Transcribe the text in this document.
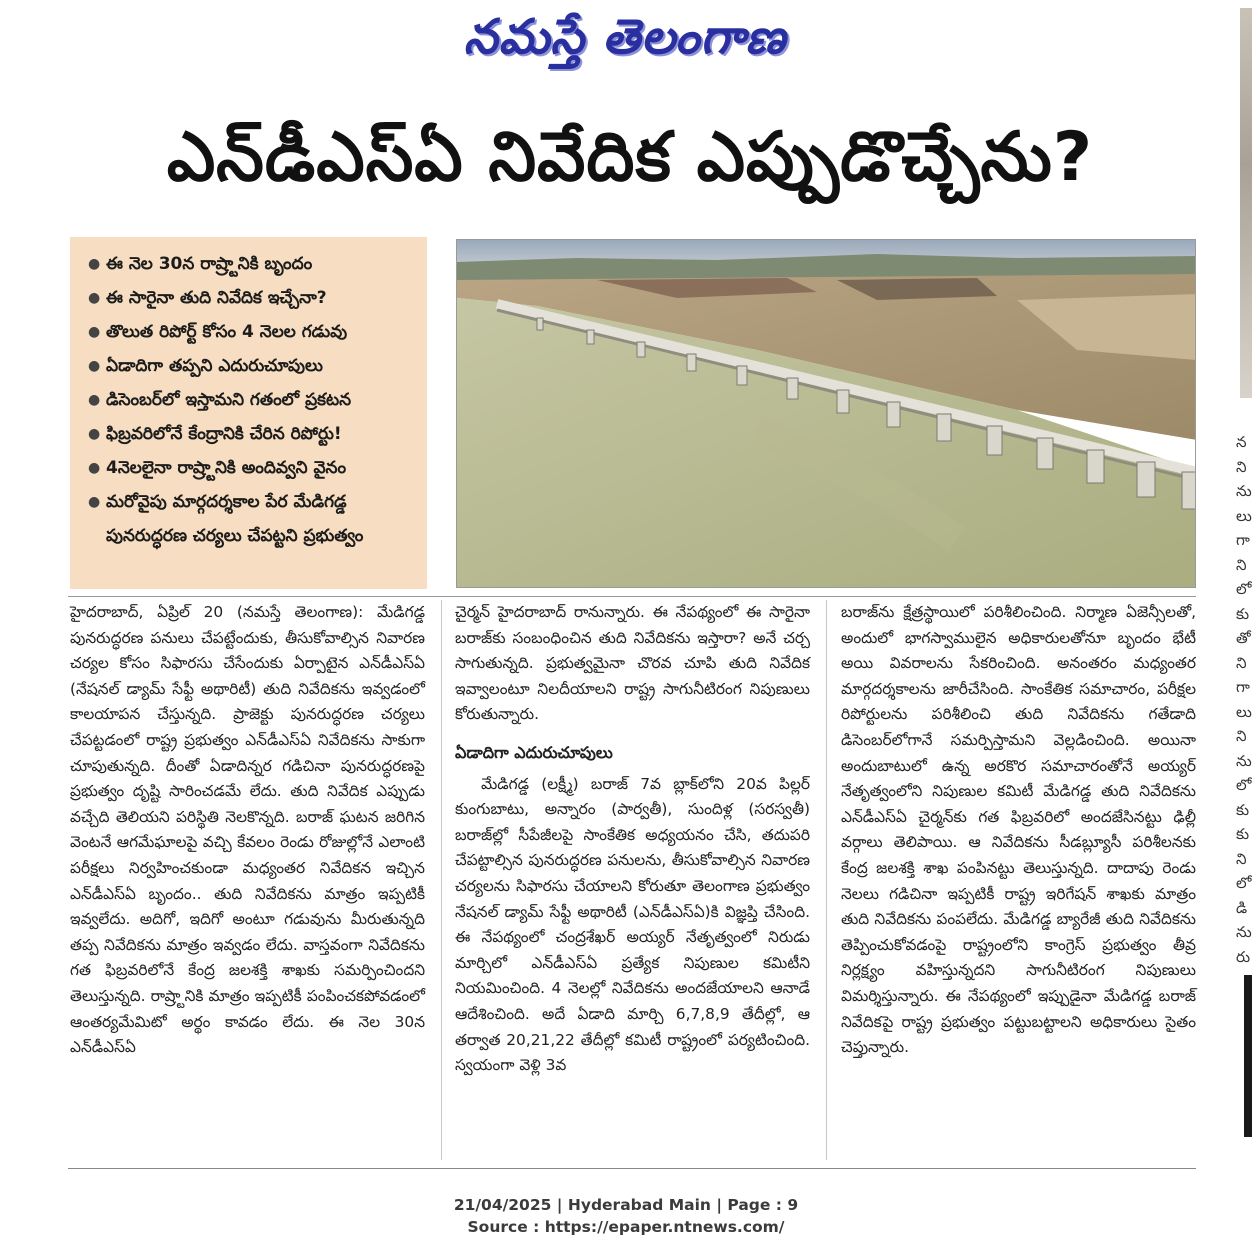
నమస్తే తెలంగాణ
ఎన్‌డీఎస్‌ఏ నివేదిక ఎప్పుడొచ్చేను?
● ఈ నెల 30న రాష్ర్టానికి బృందం
● ఈ సారైనా తుది నివేదిక ఇచ్చేనా?
● తొలుత రిపోర్ట్‌ కోసం 4 నెలల గడువు
● ఏడాదిగా తప్పని ఎదురుచూపులు
● డిసెంబర్‌లో ఇస్తామని గతంలో ప్రకటన
● ఫిబ్రవరిలోనే కేంద్రానికి చేరిన రిపోర్టు!
● 4నెలలైనా రాష్ర్టానికి అందివ్వని వైనం
● మరోవైపు మార్గదర్శకాల పేర మేడిగడ్డ పునరుద్ధరణ చర్యలు చేపట్టని ప్రభుత్వం

హైదరాబాద్‌, ఏప్రిల్‌ 20 (నమస్తే తెలంగాణ): మేడిగడ్డ పునరుద్ధరణ పనులు చేపట్టేందుకు, తీసుకోవాల్సిన నివారణ చర్యల కోసం సిఫారసు చేసేందుకు ఏర్పాటైన ఎన్‌డీఎస్‌ఏ (నేషనల్‌ డ్యామ్‌ సేఫ్టీ అథారిటీ) తుది నివేదికను ఇవ్వడంలో కాలయాపన చేస్తున్నది. ప్రాజెక్టు పునరుద్ధరణ చర్యలు చేపట్టడంలో రాష్ట్ర ప్రభుత్వం ఎన్‌డీఎస్‌ఏ నివేదికను సాకుగా చూపుతున్నది. దీంతో ఏడాదిన్నర గడిచినా పునరుద్ధరణపై ప్రభుత్వం దృష్టి సారించడమే లేదు. తుది నివేదిక ఎప్పుడు వచ్చేది తెలియని పరిస్థితి నెలకొన్నది. బరాజ్‌ ఘటన జరిగిన వెంటనే ఆగమేఘాలపై వచ్చి కేవలం రెండు రోజుల్లోనే ఎలాంటి పరీక్షలు నిర్వహించకుండా మధ్యంతర నివేదికన ఇచ్చిన ఎన్‌డీఎస్‌ఏ బృందం.. తుది నివేదికను మాత్రం ఇప్పటికీ ఇవ్వలేదు. అదిగో, ఇదిగో అంటూ గడువును మీరుతున్నది తప్ప నివేదికను మాత్రం ఇవ్వడం లేదు. వాస్తవంగా నివేదికను గత ఫిబ్రవరిలోనే కేంద్ర జలశక్తి శాఖకు సమర్పించిందని తెలుస్తున్నది. రాష్ర్టానికి మాత్రం ఇప్పటికీ పంపించకపోవడంలో ఆంతర్యమేమిటో అర్థం కావడం లేదు. ఈ నెల 30న ఎన్‌డీఎస్‌ఏ

చైర్మన్‌ హైదరాబాద్‌ రానున్నారు. ఈ నేపథ్యంలో ఈ సారైనా బరాజ్‌కు సంబంధించిన తుది నివేదికను ఇస్తారా? అనే చర్చ సాగుతున్నది. ప్రభుత్వమైనా చొరవ చూపి తుది నివేదిక ఇవ్వాలంటూ నిలదీయాలని రాష్ట్ర సాగునీటిరంగ నిపుణులు కోరుతున్నారు.

ఏడాదిగా ఎదురుచూపులు

మేడిగడ్డ (లక్ష్మీ) బరాజ్‌ 7వ బ్లాక్‌లోని 20వ పిల్లర్‌ కుంగుబాటు, అన్నారం (పార్వతీ), సుందిళ్ల (సరస్వతీ) బరాజ్‌ల్లో సీపేజీలపై సాంకేతిక అధ్యయనం చేసి, తదుపరి చేపట్టాల్సిన పునరుద్ధరణ పనులను, తీసుకోవాల్సిన నివారణ చర్యలను సిఫారసు చేయాలని కోరుతూ తెలంగాణ ప్రభుత్వం నేషనల్‌ డ్యామ్‌ సేఫ్టీ అథారిటీ (ఎన్‌డీఎస్‌ఏ)కి విజ్ఞప్తి చేసింది. ఈ నేపథ్యంలో చంద్రశేఖర్‌ అయ్యర్‌ నేతృత్వంలో నిరుడు మార్చిలో ఎన్‌డీఎస్‌ఏ ప్రత్యేక నిపుణుల కమిటీని నియమించింది. 4 నెలల్లో నివేదికను అందజేయాలని ఆనాడే ఆదేశించింది. అదే ఏడాది మార్చి 6,7,8,9 తేదీల్లో, ఆ తర్వాత 20,21,22 తేదీల్లో కమిటీ రాష్ట్రంలో పర్యటించింది. స్వయంగా వెళ్లి 3వ

బరాజ్‌ను క్షేత్రస్థాయిలో పరిశీలించింది. నిర్మాణ ఏజెన్సీలతో, అందులో భాగస్వాములైన అధికారులతోనూ బృందం భేటీ అయి వివరాలను సేకరించింది. అనంతరం మధ్యంతర మార్గదర్శకాలను జారీచేసింది. సాంకేతిక సమాచారం, పరీక్షల రిపోర్టులను పరిశీలించి తుది నివేదికను గతేడాది డిసెంబర్‌లోగానే సమర్పిస్తామని వెల్లడించింది. అయినా అందుబాటులో ఉన్న అరకొర సమాచారంతోనే అయ్యర్‌ నేతృత్వంలోని నిపుణుల కమిటీ మేడిగడ్డ తుది నివేదికను ఎన్‌డీఎస్‌ఏ చైర్మన్‌కు గత ఫిబ్రవరిలో అందజేసినట్టు ఢిల్లీ వర్గాలు తెలిపాయి. ఆ నివేదికను సీడబ్ల్యూసీ పరిశీలనకు కేంద్ర జలశక్తి శాఖ పంపినట్టు తెలుస్తున్నది. దాదాపు రెండు నెలలు గడిచినా ఇప్పటికీ రాష్ట్ర ఇరిగేషన్‌ శాఖకు మాత్రం తుది నివేదికను పంపలేదు. మేడిగడ్డ బ్యారేజీ తుది నివేదికను తెప్పించుకోవడంపై రాష్ట్రంలోని కాంగ్రెస్‌ ప్రభుత్వం తీవ్ర నిర్లక్ష్యం వహిస్తున్నదని సాగునీటిరంగ నిపుణులు విమర్శిస్తున్నారు. ఈ నేపథ్యంలో ఇప్పుడైనా మేడిగడ్డ బరాజ్‌ నివేదికపై రాష్ట్ర ప్రభుత్వం పట్టుబట్టాలని అధికారులు సైతం చెప్తున్నారు.

న
ని
ను
లు
గా
ని
లో
కు
తో
ని
గా
లు
ని
ను
లో
కు
కు
ని
లో
డి
ను
రు
21/04/2025 | Hyderabad Main | Page : 9
Source : https://epaper.ntnews.com/
